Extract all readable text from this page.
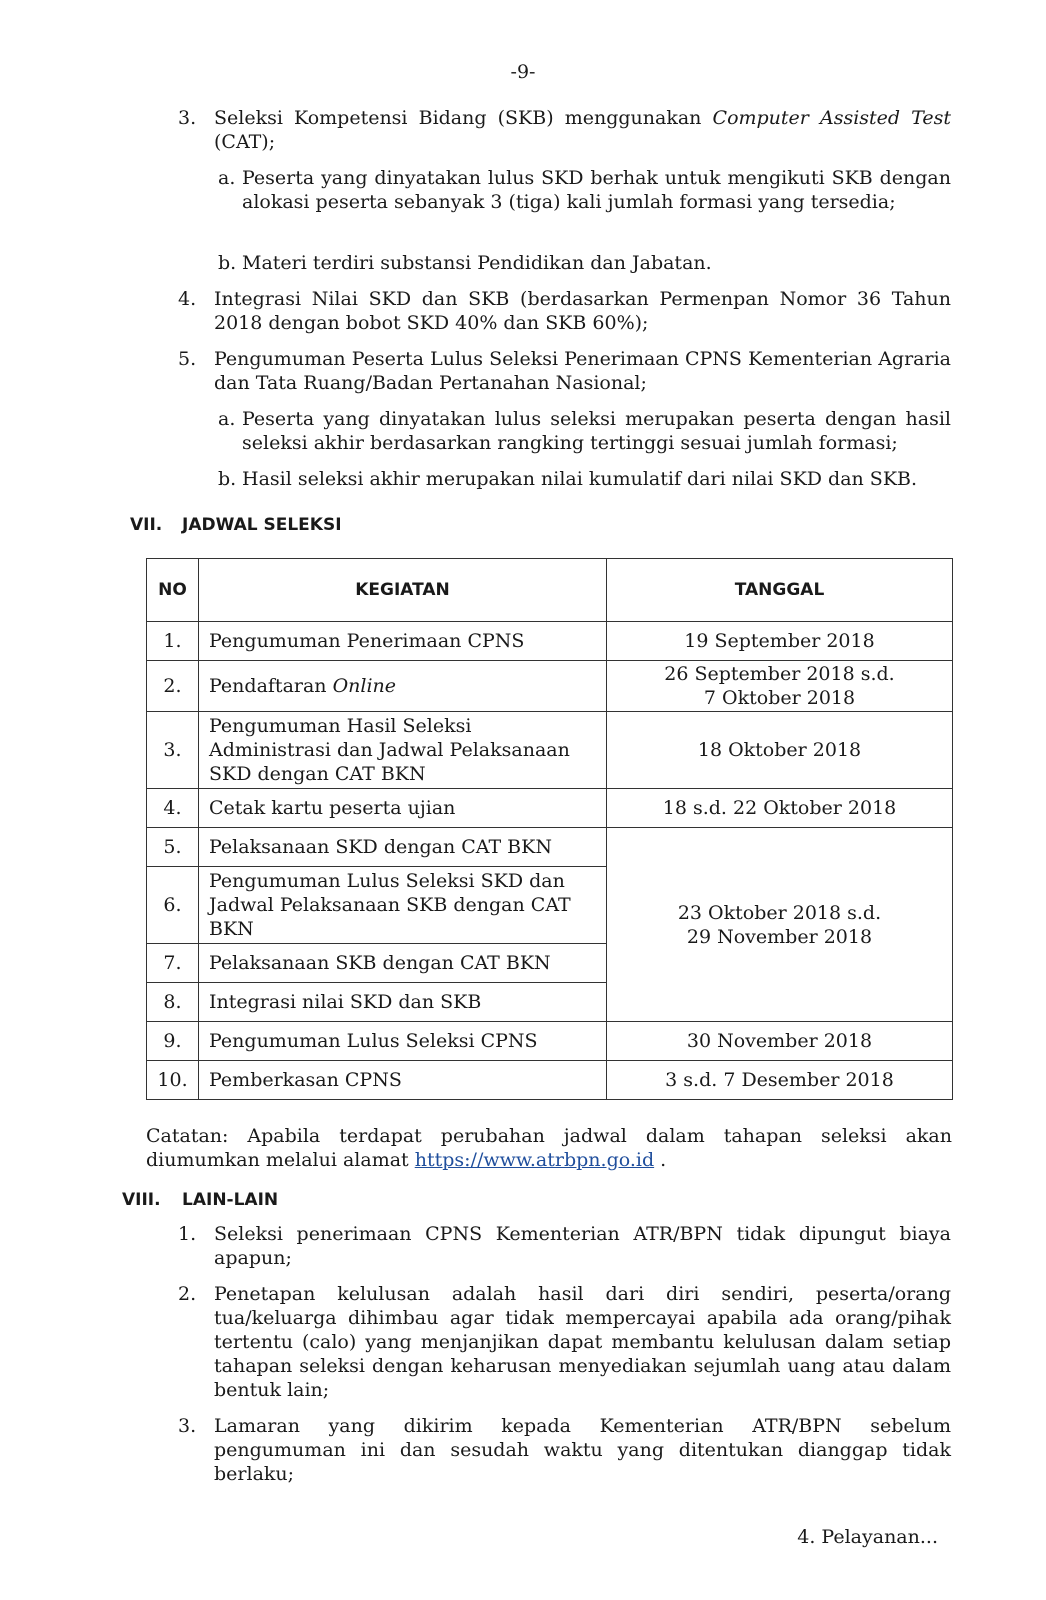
-9-
3. Seleksi Kompetensi Bidang (SKB) menggunakan Computer Assisted Test (CAT);
a. Peserta yang dinyatakan lulus SKD berhak untuk mengikuti SKB dengan alokasi peserta sebanyak 3 (tiga) kali jumlah formasi yang tersedia;
b. Materi terdiri substansi Pendidikan dan Jabatan.
4. Integrasi Nilai SKD dan SKB (berdasarkan Permenpan Nomor 36 Tahun 2018 dengan bobot SKD 40% dan SKB 60%);
5. Pengumuman Peserta Lulus Seleksi Penerimaan CPNS Kementerian Agraria dan Tata Ruang/Badan Pertanahan Nasional;
a. Peserta yang dinyatakan lulus seleksi merupakan peserta dengan hasil seleksi akhir berdasarkan rangking tertinggi sesuai jumlah formasi;
b. Hasil seleksi akhir merupakan nilai kumulatif dari nilai SKD dan SKB.
VII. JADWAL SELEKSI
NO	KEGIATAN	TANGGAL
1.	Pengumuman Penerimaan CPNS	19 September 2018
2.	Pendaftaran Online	26 September 2018 s.d.
7 Oktober 2018

3.	Pengumuman Hasil Seleksi Administrasi dan Jadwal Pelaksanaan SKD dengan CAT BKN	18 Oktober 2018
4.	Cetak kartu peserta ujian	18 s.d. 22 Oktober 2018
5.	Pelaksanaan SKD dengan CAT BKN	23 Oktober 2018 s.d.
29 November 2018

6.	Pengumuman Lulus Seleksi SKD dan Jadwal Pelaksanaan SKB dengan CAT BKN	
7.	Pelaksanaan SKB dengan CAT BKN	
8.	Integrasi nilai SKD dan SKB	
9.	Pengumuman Lulus Seleksi CPNS	30 November 2018
10.	Pemberkasan CPNS	3 s.d. 7 Desember 2018
Catatan: Apabila terdapat perubahan jadwal dalam tahapan seleksi akan diumumkan melalui alamat https://www.atrbpn.go.id .
VIII. LAIN-LAIN
1. Seleksi penerimaan CPNS Kementerian ATR/BPN tidak dipungut biaya apapun;
2. Penetapan kelulusan adalah hasil dari diri sendiri, peserta/orang tua/keluarga dihimbau agar tidak mempercayai apabila ada orang/pihak tertentu (calo) yang menjanjikan dapat membantu kelulusan dalam setiap tahapan seleksi dengan keharusan menyediakan sejumlah uang atau dalam bentuk lain;
3. Lamaran yang dikirim kepada Kementerian ATR/BPN sebelum pengumuman ini dan sesudah waktu yang ditentukan dianggap tidak berlaku;
4. Pelayanan...
